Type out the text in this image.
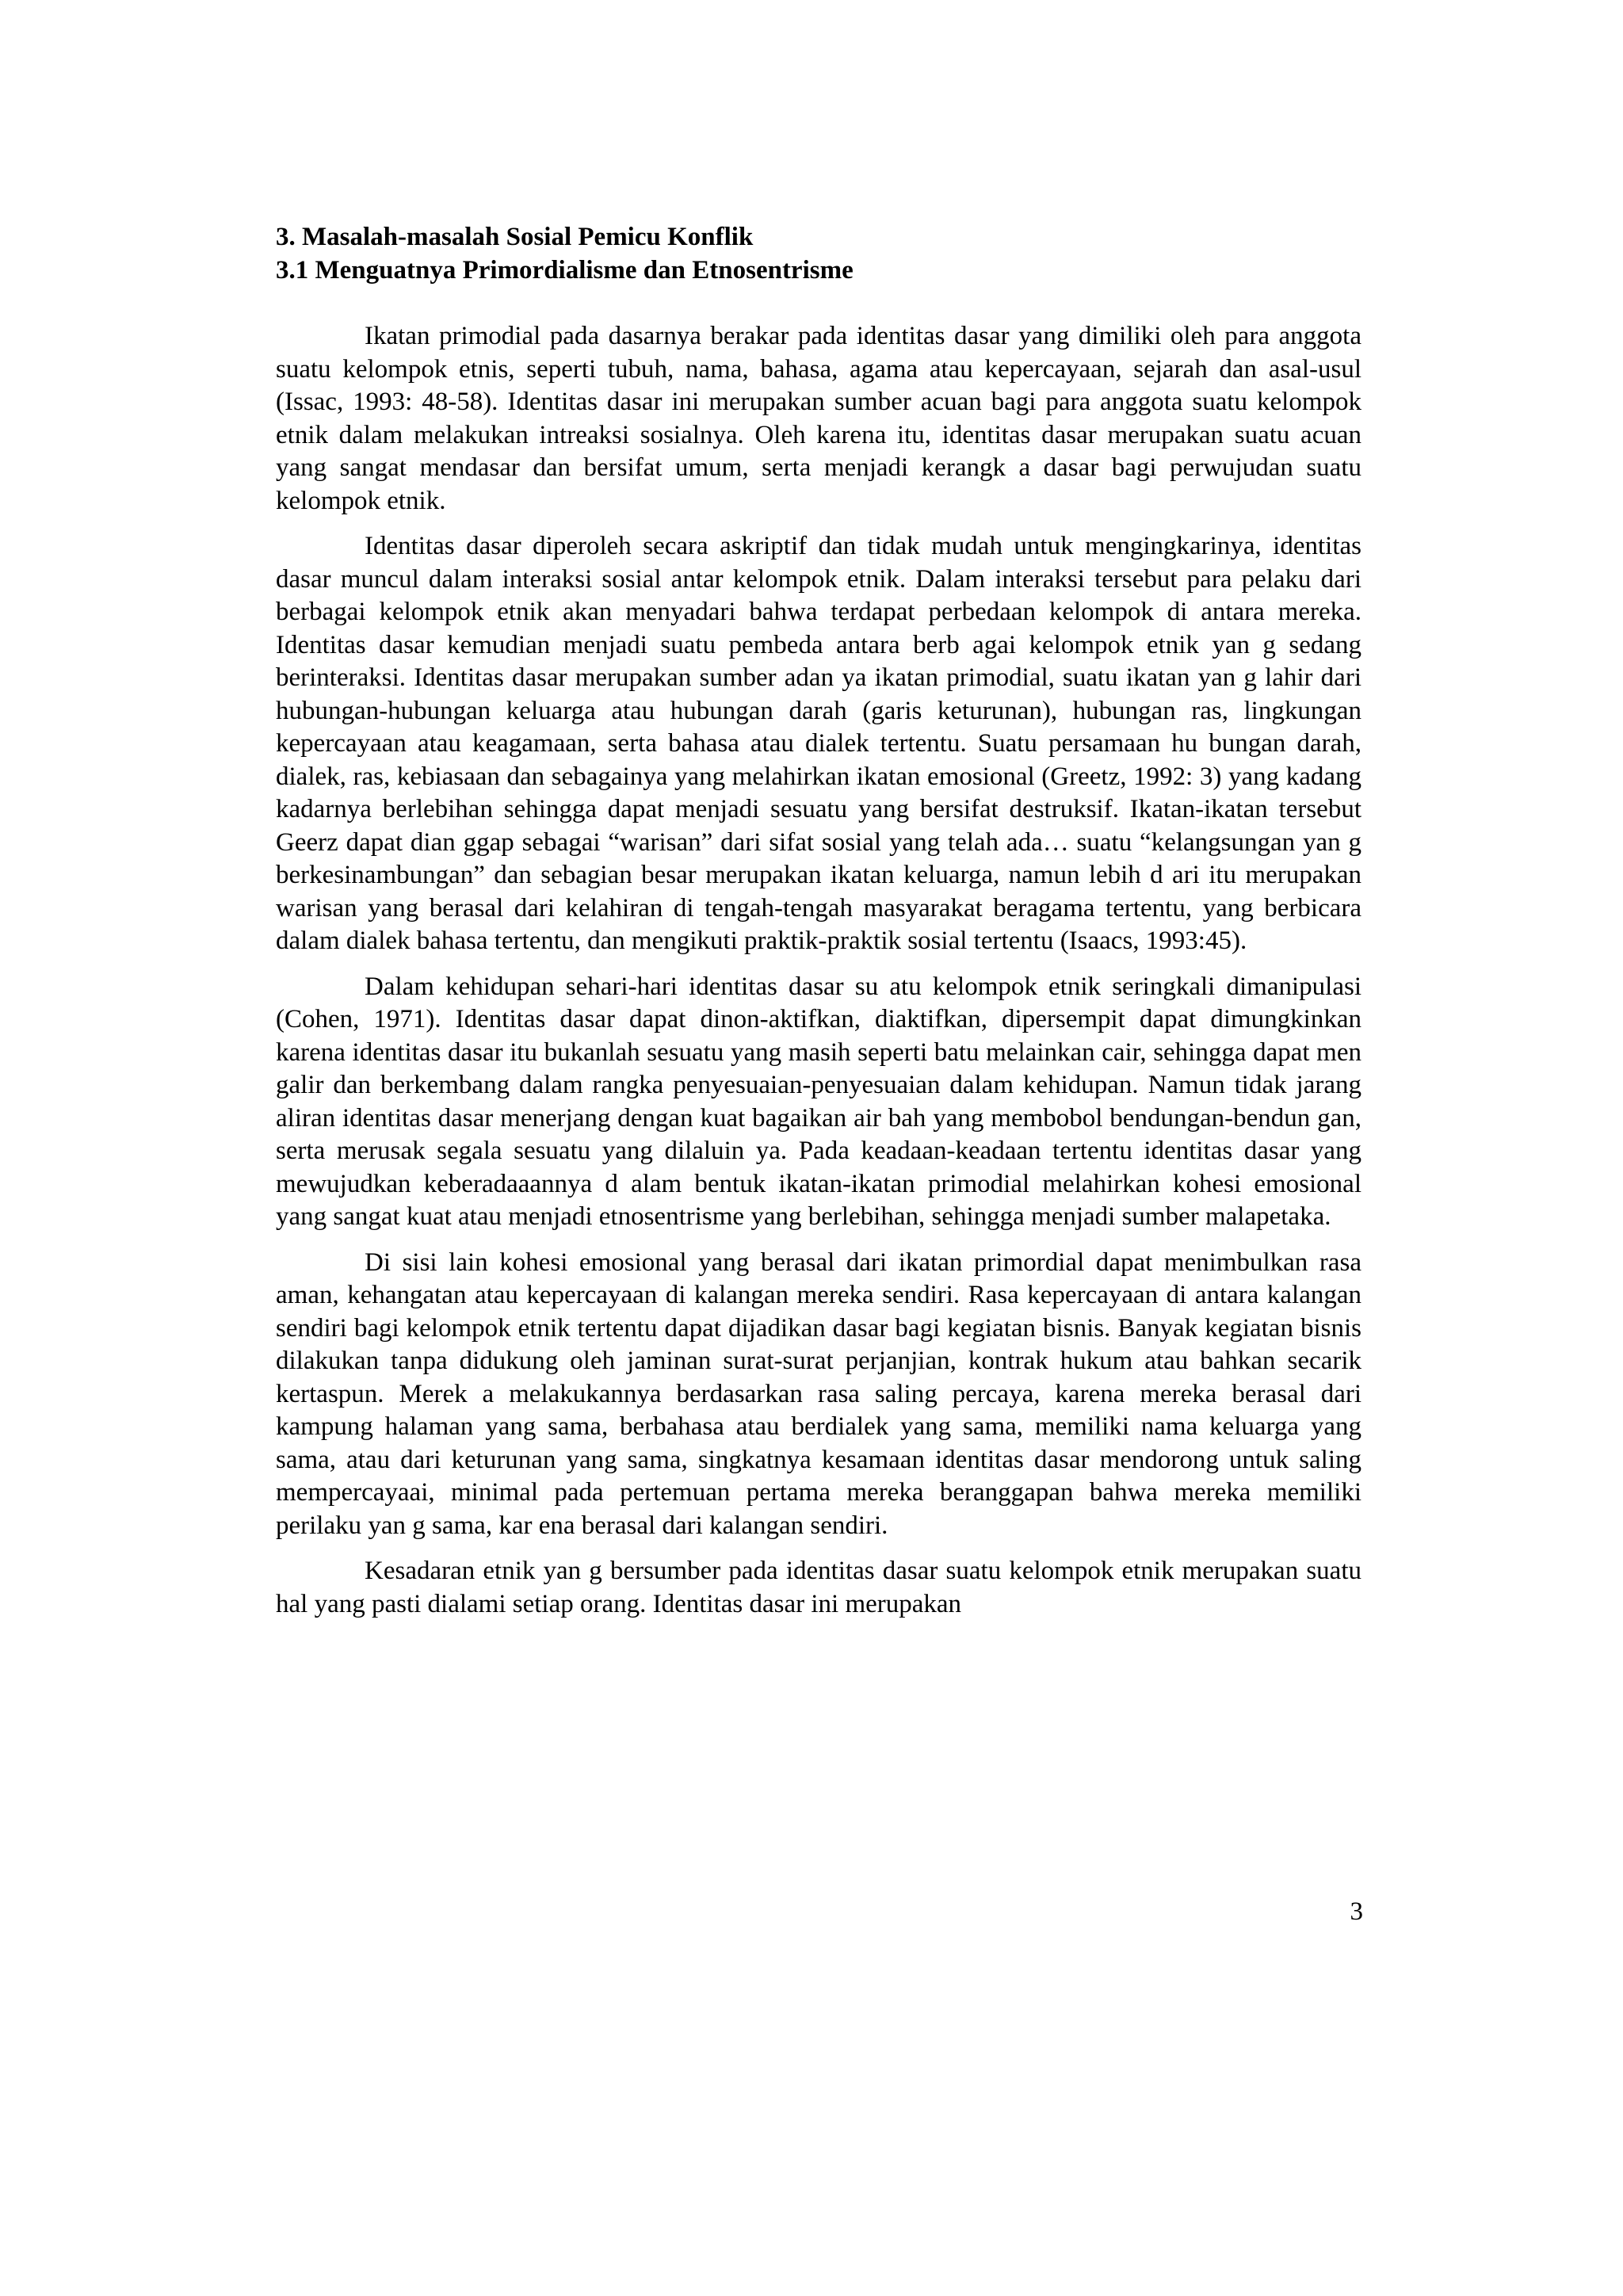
3. Masalah-masalah Sosial Pemicu Konflik
3.1 Menguatnya Primordialisme dan Etnosentrisme

Ikatan primodial pada dasarnya berakar pada identitas dasar yang dimiliki oleh para anggota suatu kelompok etnis, seperti tubuh, nama, bahasa, agama atau kepercayaan, sejarah dan asal-usul (Issac, 1993: 48-58). Identitas dasar ini merupakan sumber acuan bagi para anggota suatu kelompok etnik dalam melakukan intreaksi sosialnya. Oleh karena itu, identitas dasar merupakan suatu acuan yang sangat mendasar dan bersifat umum, serta menjadi kerangk a dasar bagi perwujudan suatu kelompok etnik.

Identitas dasar diperoleh secara askriptif dan tidak mudah untuk mengingkarinya, identitas dasar muncul dalam interaksi sosial antar kelompok etnik. Dalam interaksi tersebut para pelaku dari berbagai kelompok etnik akan menyadari bahwa terdapat perbedaan kelompok di antara mereka. Identitas dasar kemudian menjadi suatu pembeda antara berb agai kelompok etnik yan g sedang berinteraksi. Identitas dasar merupakan sumber adan ya ikatan primodial, suatu ikatan yan g lahir dari hubungan-hubungan keluarga atau hubungan darah (garis keturunan), hubungan ras, lingkungan kepercayaan atau keagamaan, serta bahasa atau dialek tertentu. Suatu persamaan hu bungan darah, dialek, ras, kebiasaan dan sebagainya yang melahirkan ikatan emosional (Greetz, 1992: 3) yang kadang kadarnya berlebihan sehingga dapat menjadi sesuatu yang bersifat destruksif. Ikatan-ikatan tersebut Geerz dapat dian ggap sebagai “warisan” dari sifat sosial yang telah ada… suatu “kelangsungan yan g berkesinambungan” dan sebagian besar merupakan ikatan keluarga, namun lebih d ari itu merupakan warisan yang berasal dari kelahiran di tengah-tengah masyarakat beragama tertentu, yang berbicara dalam dialek bahasa tertentu, dan mengikuti praktik-praktik sosial tertentu (Isaacs, 1993:45).

Dalam kehidupan sehari-hari identitas dasar su atu kelompok etnik seringkali dimanipulasi (Cohen, 1971). Identitas dasar dapat dinon-aktifkan, diaktifkan, dipersempit dapat dimungkinkan karena identitas dasar itu bukanlah sesuatu yang masih seperti batu melainkan cair, sehingga dapat men galir dan berkembang dalam rangka penyesuaian-penyesuaian dalam kehidupan. Namun tidak jarang aliran identitas dasar menerjang dengan kuat bagaikan air bah yang membobol bendungan-bendun gan, serta merusak segala sesuatu yang dilaluin ya. Pada keadaan-keadaan tertentu identitas dasar yang mewujudkan keberadaaannya d alam bentuk ikatan-ikatan primodial melahirkan kohesi emosional yang sangat kuat atau menjadi etnosentrisme yang berlebihan, sehingga menjadi sumber malapetaka.

Di sisi lain kohesi emosional yang berasal dari ikatan primordial dapat menimbulkan rasa aman, kehangatan atau kepercayaan di kalangan mereka sendiri. Rasa kepercayaan di antara kalangan sendiri bagi kelompok etnik tertentu dapat dijadikan dasar bagi kegiatan bisnis. Banyak kegiatan bisnis dilakukan tanpa didukung oleh jaminan surat-surat perjanjian, kontrak hukum atau bahkan secarik kertaspun. Merek a melakukannya berdasarkan rasa saling percaya, karena mereka berasal dari kampung halaman yang sama, berbahasa atau berdialek yang sama, memiliki nama keluarga yang sama, atau dari keturunan yang sama, singkatnya kesamaan identitas dasar mendorong untuk saling mempercayaai, minimal pada pertemuan pertama mereka beranggapan bahwa mereka memiliki perilaku yan g sama, kar ena berasal dari kalangan sendiri.

Kesadaran etnik yan g bersumber pada identitas dasar suatu kelompok etnik merupakan suatu hal yang pasti dialami setiap orang. Identitas dasar ini merupakan

3
